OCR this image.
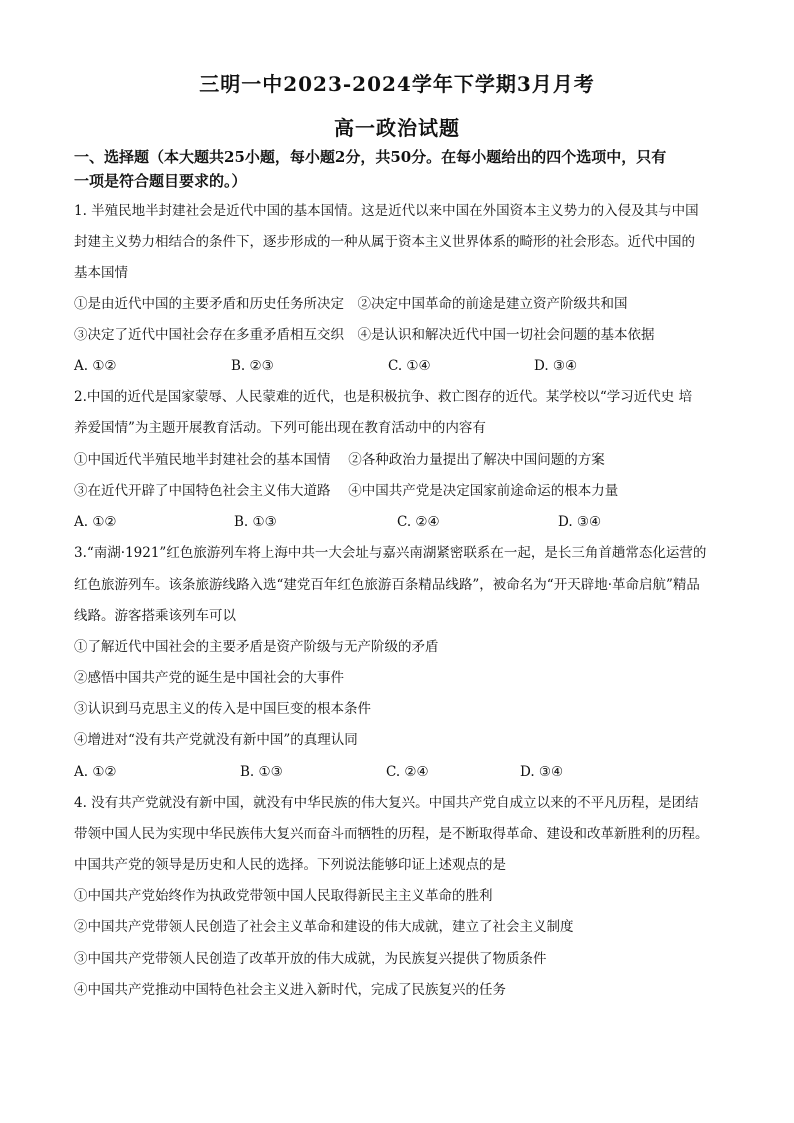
三明一中2023-2024学年下学期3月月考
高一政治试题
一、选择题（本大题共25小题，每小题2分，共50分。在每小题给出的四个选项中，只有
一项是符合题目要求的。）
1. 半殖民地半封建社会是近代中国的基本国情。这是近代以来中国在外国资本主义势力的入侵及其与中国
封建主义势力相结合的条件下，逐步形成的一种从属于资本主义世界体系的畸形的社会形态。近代中国的
基本国情
①是由近代中国的主要矛盾和历史任务所决定　②决定中国革命的前途是建立资产阶级共和国
③决定了近代中国社会存在多重矛盾相互交织　④是认识和解决近代中国一切社会问题的基本依据
A. ①②	B. ②③	C. ①④	D. ③④
2.中国的近代是国家蒙辱、人民蒙难的近代，也是积极抗争、救亡图存的近代。某学校以“学习近代史 培
养爱国情”为主题开展教育活动。下列可能出现在教育活动中的内容有
①中国近代半殖民地半封建社会的基本国情　 ②各种政治力量提出了解决中国问题的方案
③在近代开辟了中国特色社会主义伟大道路　 ④中国共产党是决定国家前途命运的根本力量
A. ①②	B. ①③	C. ②④	D. ③④
3.“南湖·1921”红色旅游列车将上海中共一大会址与嘉兴南湖紧密联系在一起，是长三角首趟常态化运营的
红色旅游列车。该条旅游线路入选“建党百年红色旅游百条精品线路”，被命名为“开天辟地·革命启航”精品
线路。游客搭乘该列车可以
①了解近代中国社会的主要矛盾是资产阶级与无产阶级的矛盾
②感悟中国共产党的诞生是中国社会的大事件
③认识到马克思主义的传入是中国巨变的根本条件
④增进对“没有共产党就没有新中国”的真理认同
A. ①②	B. ①③	C. ②④	D. ③④
4. 没有共产党就没有新中国，就没有中华民族的伟大复兴。中国共产党自成立以来的不平凡历程，是团结
带领中国人民为实现中华民族伟大复兴而奋斗而牺牲的历程，是不断取得革命、建设和改革新胜利的历程。
中国共产党的领导是历史和人民的选择。下列说法能够印证上述观点的是
①中国共产党始终作为执政党带领中国人民取得新民主主义革命的胜利
②中国共产党带领人民创造了社会主义革命和建设的伟大成就，建立了社会主义制度
③中国共产党带领人民创造了改革开放的伟大成就，为民族复兴提供了物质条件
④中国共产党推动中国特色社会主义进入新时代，完成了民族复兴的任务
